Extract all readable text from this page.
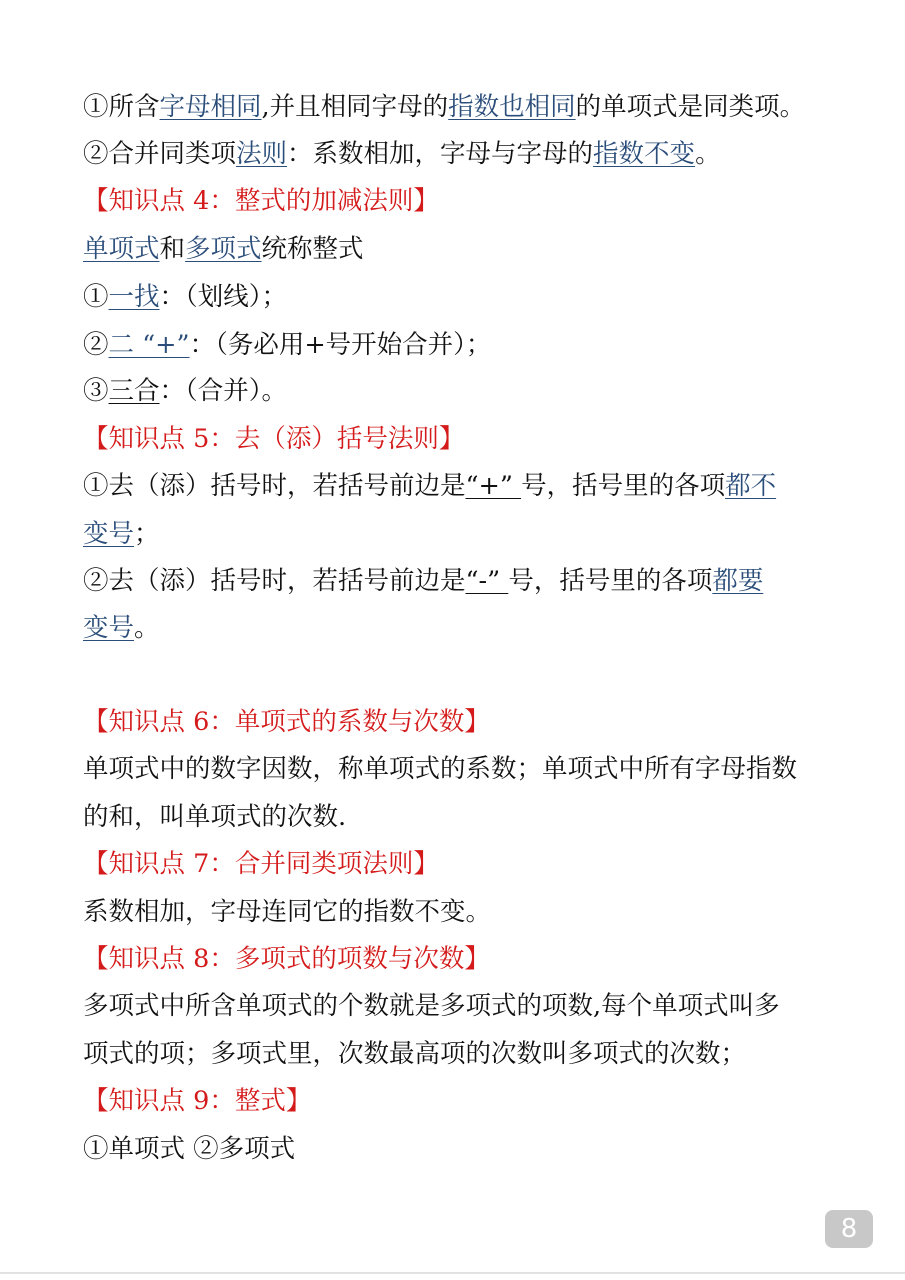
①所含字母相同,并且相同字母的指数也相同的单项式是同类项。
②合并同类项法则：系数相加，字母与字母的指数不变。
【知识点 4：整式的加减法则】
单项式和多项式统称整式
①一找：（划线）；
②二 “+”：（务必用+号开始合并）；
③三合：（合并）。
【知识点 5：去（添）括号法则】
①去（添）括号时，若括号前边是“+” 号，括号里的各项都不
变号；
②去（添）括号时，若括号前边是“-” 号，括号里的各项都要
变号。
【知识点 6：单项式的系数与次数】
单项式中的数字因数，称单项式的系数；单项式中所有字母指数
的和，叫单项式的次数.
【知识点 7：合并同类项法则】
系数相加，字母连同它的指数不变。
【知识点 8：多项式的项数与次数】
多项式中所含单项式的个数就是多项式的项数,每个单项式叫多
项式的项；多项式里，次数最高项的次数叫多项式的次数；
【知识点 9：整式】
①单项式 ②多项式
8
